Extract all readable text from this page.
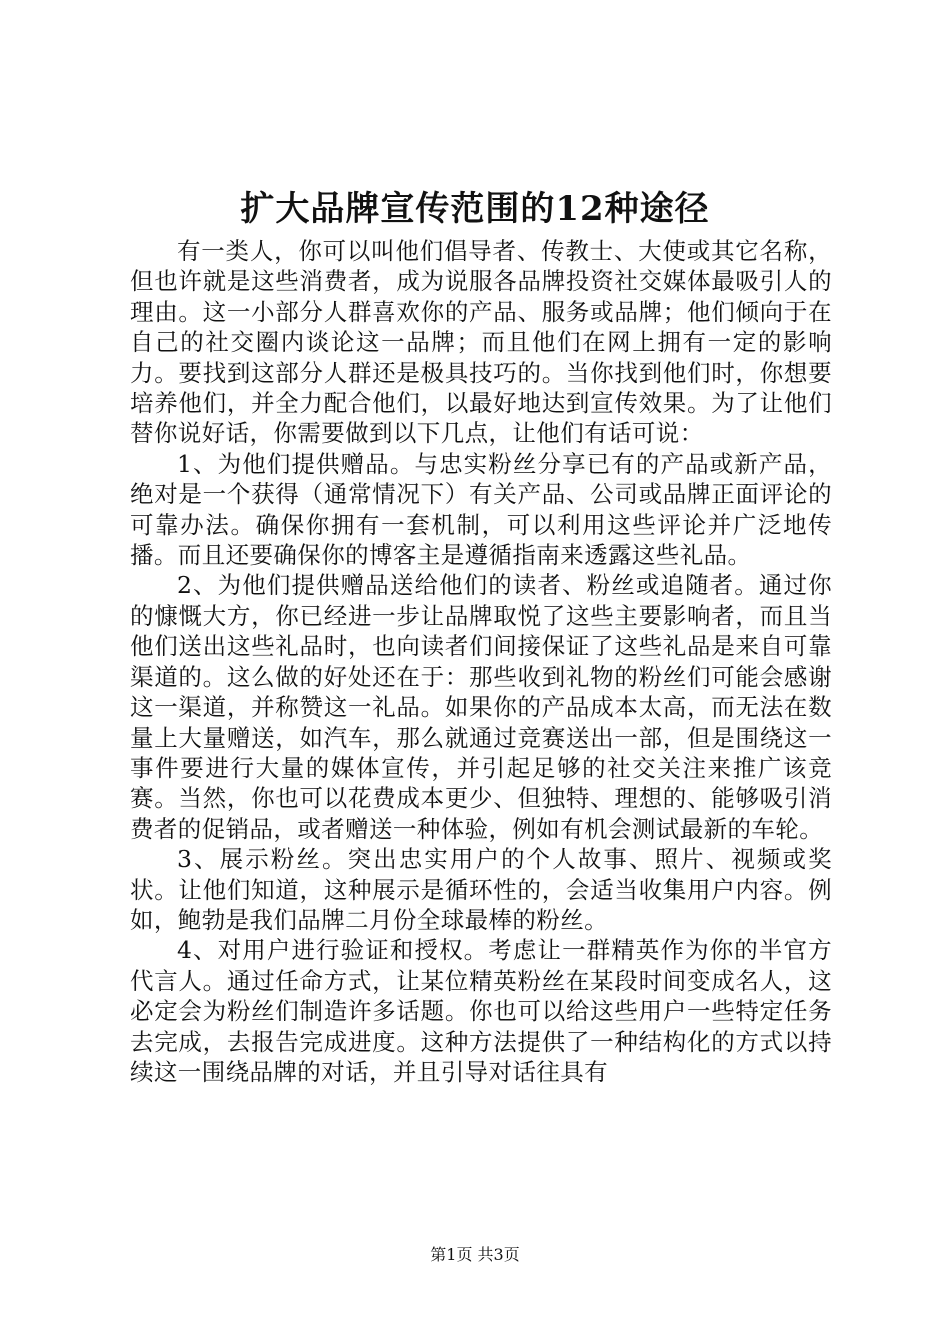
扩大品牌宣传范围的12种途径

有一类人，你可以叫他们倡导者、传教士、大使或其它名称，但也许就是这些消费者，成为说服各品牌投资社交媒体最吸引人的理由。这一小部分人群喜欢你的产品、服务或品牌；他们倾向于在自己的社交圈内谈论这一品牌；而且他们在网上拥有一定的影响力。要找到这部分人群还是极具技巧的。当你找到他们时，你想要培养他们，并全力配合他们，以最好地达到宣传效果。为了让他们替你说好话，你需要做到以下几点，让他们有话可说：

1、为他们提供赠品。与忠实粉丝分享已有的产品或新产品，绝对是一个获得（通常情况下）有关产品、公司或品牌正面评论的可靠办法。确保你拥有一套机制，可以利用这些评论并广泛地传播。而且还要确保你的博客主是遵循指南来透露这些礼品。

2、为他们提供赠品送给他们的读者、粉丝或追随者。通过你的慷慨大方，你已经进一步让品牌取悦了这些主要影响者，而且当他们送出这些礼品时，也向读者们间接保证了这些礼品是来自可靠渠道的。这么做的好处还在于：那些收到礼物的粉丝们可能会感谢这一渠道，并称赞这一礼品。如果你的产品成本太高，而无法在数量上大量赠送，如汽车，那么就通过竞赛送出一部，但是围绕这一事件要进行大量的媒体宣传，并引起足够的社交关注来推广该竞赛。当然，你也可以花费成本更少、但独特、理想的、能够吸引消费者的促销品，或者赠送一种体验，例如有机会测试最新的车轮。

3、展示粉丝。突出忠实用户的个人故事、照片、视频或奖状。让他们知道，这种展示是循环性的，会适当收集用户内容。例如，鲍勃是我们品牌二月份全球最棒的粉丝。

4、对用户进行验证和授权。考虑让一群精英作为你的半官方代言人。通过任命方式，让某位精英粉丝在某段时间变成名人，这必定会为粉丝们制造许多话题。你也可以给这些用户一些特定任务去完成，去报告完成进度。这种方法提供了一种结构化的方式以持续这一围绕品牌的对话，并且引导对话往具有

第1页 共3页
